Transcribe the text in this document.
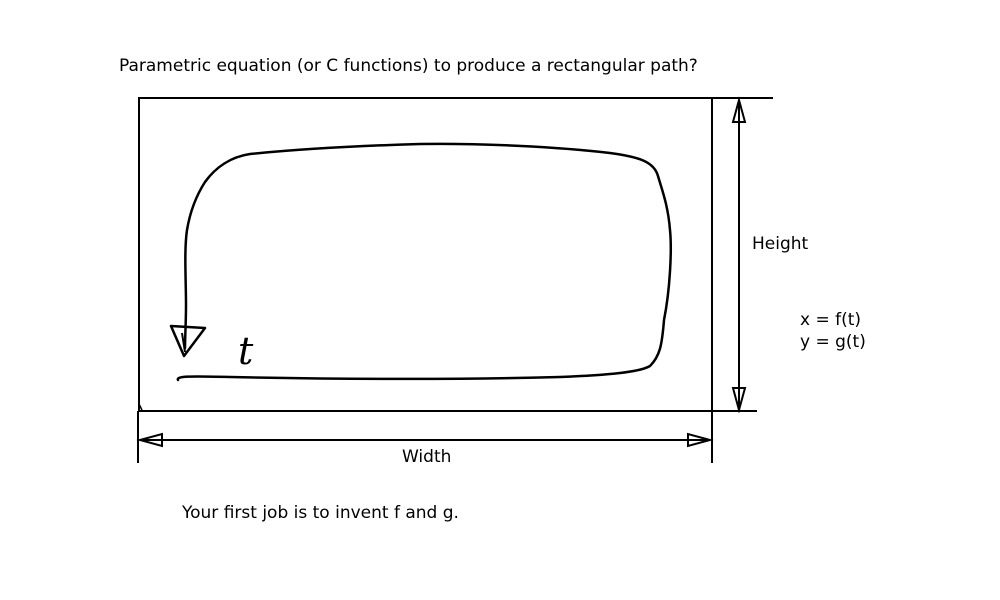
Parametric equation (or C functions) to produce a rectangular path?
t
Height
Width
x = f(t)
y = g(t)
Your first job is to invent f and g.
